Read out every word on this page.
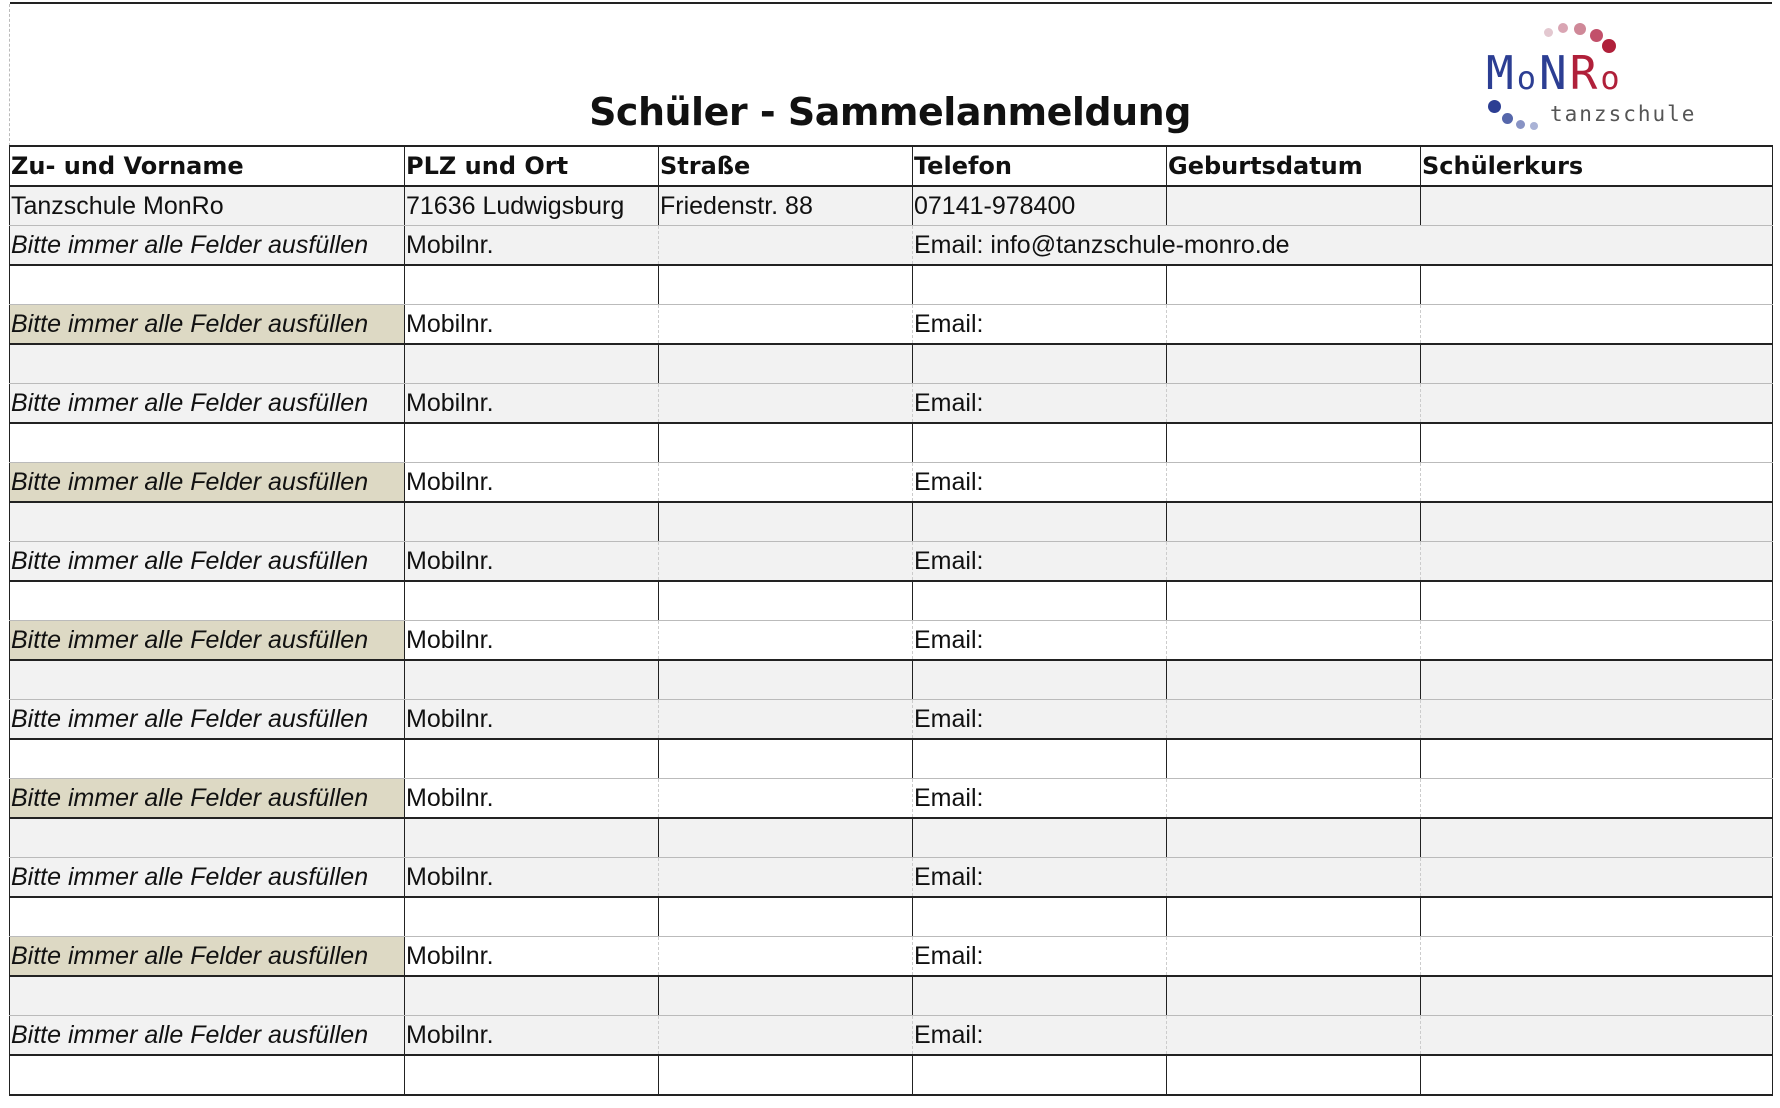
Schüler - Sammelanmeldung
MoNRo
tanzschule
Zu- und Vorname	PLZ und Ort	Straße	Telefon	Geburtsdatum	Schülerkurs
Tanzschule MonRo	71636 Ludwigsburg	Friedenstr. 88	07141-978400		
Bitte immer alle Felder ausfüllen	Mobilnr.		Email: info@tanzschule-monro.de		

Bitte immer alle Felder ausfüllen	Mobilnr.		Email:		

Bitte immer alle Felder ausfüllen	Mobilnr.		Email:		

Bitte immer alle Felder ausfüllen	Mobilnr.		Email:		

Bitte immer alle Felder ausfüllen	Mobilnr.		Email:		

Bitte immer alle Felder ausfüllen	Mobilnr.		Email:		

Bitte immer alle Felder ausfüllen	Mobilnr.		Email:		

Bitte immer alle Felder ausfüllen	Mobilnr.		Email:		

Bitte immer alle Felder ausfüllen	Mobilnr.		Email:		

Bitte immer alle Felder ausfüllen	Mobilnr.		Email:		

Bitte immer alle Felder ausfüllen	Mobilnr.		Email:		
